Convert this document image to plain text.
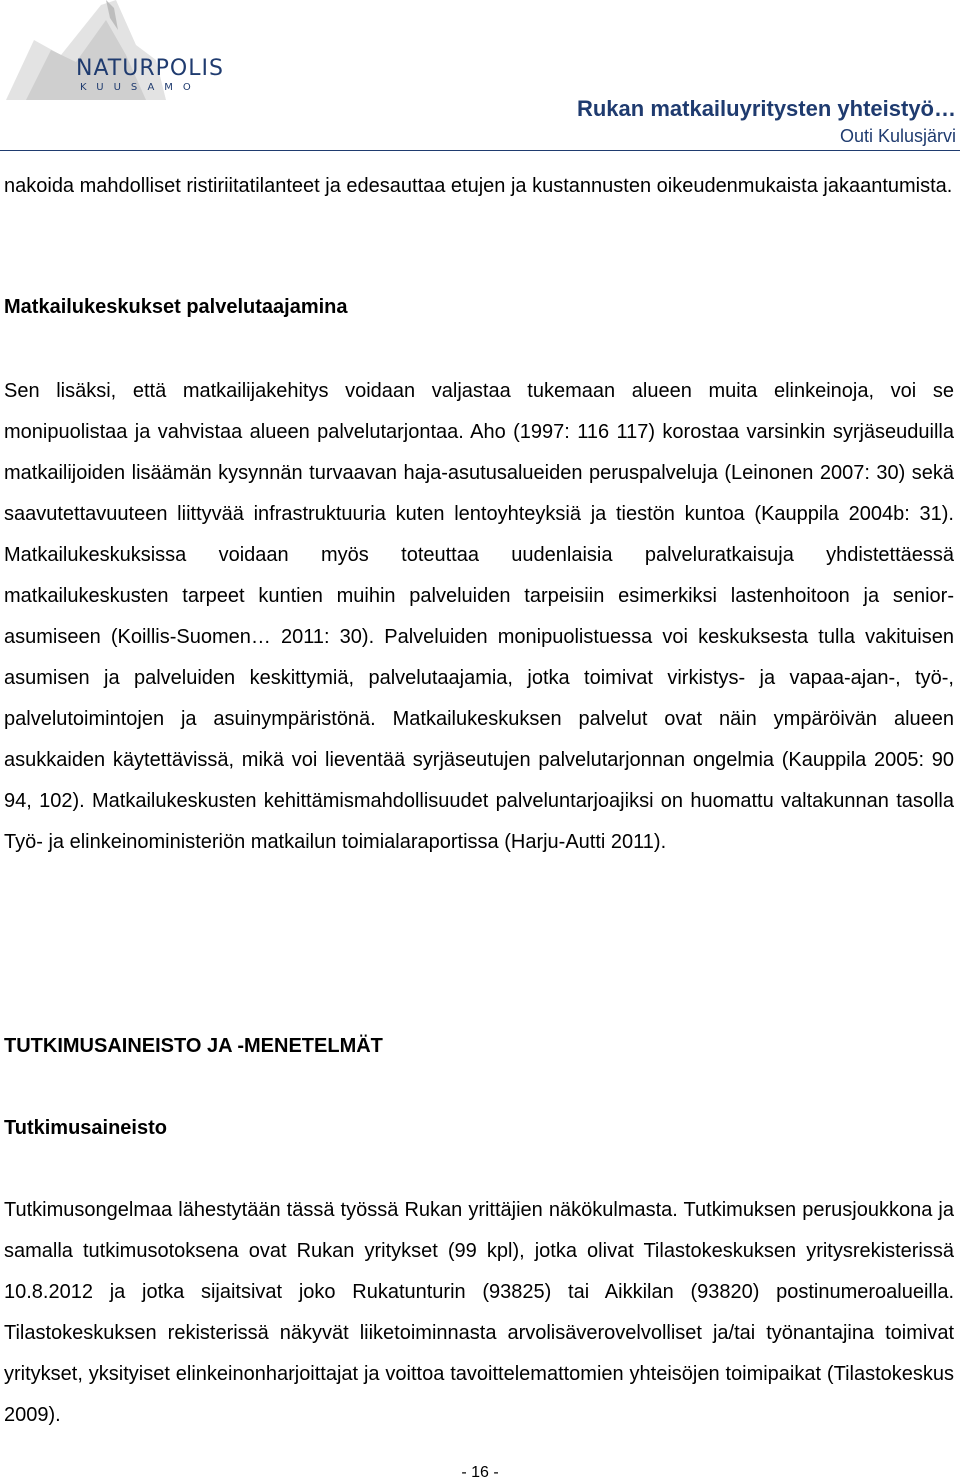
NATURPOLIS
KUUSAMO
Rukan matkailuyritysten yhteistyö…
Outi Kulusjärvi

nakoida mahdolliset ristiriitatilanteet ja edesauttaa etujen ja kustannusten oikeudenmukaista jakaantumista.

Matkailukeskukset palvelutaajamina

Sen lisäksi, että matkailijakehitys voidaan valjastaa tukemaan alueen muita elinkeinoja, voi se monipuolistaa ja vahvistaa alueen palvelutarjontaa. Aho (1997: 116 117) korostaa varsinkin syrjäseuduilla matkailijoiden lisäämän kysynnän turvaavan haja-asutusalueiden peruspalveluja (Leinonen 2007: 30) sekä saavutettavuuteen liittyvää infrastruktuuria kuten lentoyhteyksiä ja tiestön kuntoa (Kauppila 2004b: 31). Matkailukeskuksissa voidaan myös toteuttaa uudenlaisia palveluratkaisuja yhdistettäessä matkailukeskusten tarpeet kuntien muihin palveluiden tarpeisiin esimerkiksi lastenhoitoon ja senior-asumiseen (Koillis-Suomen… 2011: 30). Palveluiden monipuolistuessa voi keskuksesta tulla vakituisen asumisen ja palveluiden keskittymiä, palvelutaajamia, jotka toimivat virkistys- ja vapaa-ajan-, työ-, palvelutoimintojen ja asuinympäristönä. Matkailukeskuksen palvelut ovat näin ympäröivän alueen asukkaiden käytettävissä, mikä voi lieventää syrjäseutujen palvelutarjonnan ongelmia (Kauppila 2005: 90 94, 102). Matkailukeskusten kehittämismahdollisuudet palveluntarjoajiksi on huomattu valtakunnan tasolla Työ- ja elinkeinoministeriön matkailun toimialaraportissa (Harju-Autti 2011).

TUTKIMUSAINEISTO JA -MENETELMÄT
Tutkimusaineisto

Tutkimusongelmaa lähestytään tässä työssä Rukan yrittäjien näkökulmasta. Tutkimuksen perusjoukkona ja samalla tutkimusotoksena ovat Rukan yritykset (99 kpl), jotka olivat Tilastokeskuksen yritysrekisterissä 10.8.2012 ja jotka sijaitsivat joko Rukatunturin (93825) tai Aikkilan (93820) postinumeroalueilla. Tilastokeskuksen rekisterissä näkyvät liiketoiminnasta arvolisäverovelvolliset ja/tai työnantajina toimivat yritykset, yksityiset elinkeinonharjoittajat ja voittoa tavoittelemattomien yhteisöjen toimipaikat (Tilastokeskus 2009).

- 16 -
